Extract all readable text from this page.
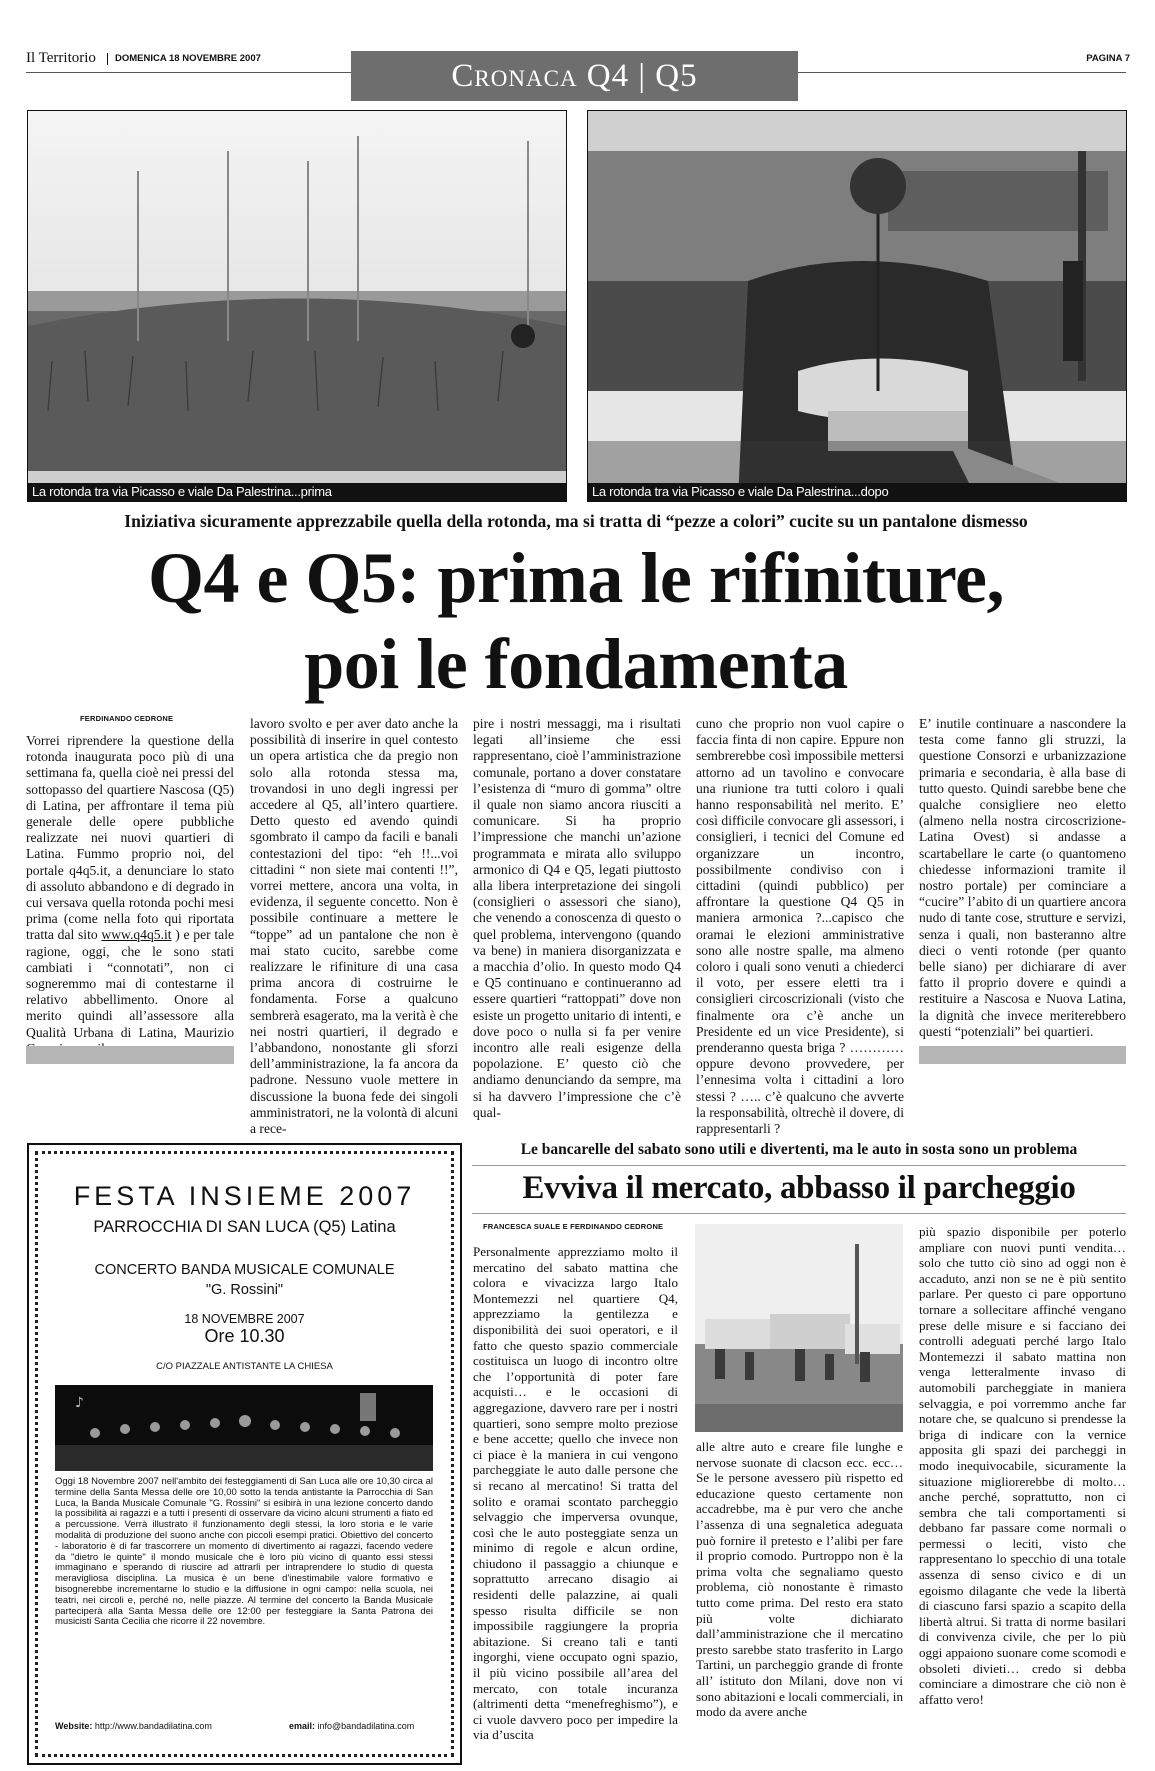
Il Territorio DOMENICA 18 NOVEMBRE 2007	PAGINA 7
Cronaca Q4 | Q5
La rotonda tra via Picasso e viale Da Palestrina...prima	La rotonda tra via Picasso e viale Da Palestrina...dopo
Iniziativa sicuramente apprezzabile quella della rotonda, ma si tratta di “pezze a colori” cucite su un pantalone dismesso
Q4 e Q5: prima le rifiniture,
poi le fondamenta
FERDINANDO CEDRONE
Vorrei riprendere la questione della rotonda inaugurata poco più di una settimana fa, quella cioè nei pressi del sottopasso del quartiere Nascosa (Q5) di Latina, per affrontare il tema più generale delle opere pubbliche realizzate nei nuovi quartieri di Latina. Fummo proprio noi, del portale q4q5.it, a denunciare lo stato di assoluto abbandono e di degrado in cui versava quella rotonda pochi mesi prima (come nella foto qui riportata tratta dal sito www.q4q5.it ) e per tale ragione, oggi, che le sono stati cambiati i “connotati”, non ci sogneremmo mai di contestarne il relativo abbellimento. Onore al merito quindi all’assessore alla Qualità Urbana di Latina, Maurizio
lavoro svolto e per aver dato anche la possibilità di inserire in quel contesto un opera artistica che da pregio non solo alla rotonda stessa ma, trovandosi in uno degli ingressi per accedere al Q5, all’intero quartiere. Detto questo ed avendo quindi sgombrato il campo da facili e banali contestazioni del tipo: “eh !!...voi cittadini “ non siete mai contenti !!”, vorrei mettere, ancora una volta, in evidenza, il seguente concetto. Non è possibile continuare a mettere le “toppe” ad un pantalone che non è mai stato cucito, sarebbe come realizzare le rifiniture di una casa prima ancora di costruirne le fondamenta. Forse a qualcuno sembrerà esagerato, ma la verità è che nei nostri quartieri, il degrado e l’abbandono, nonostante gli sforzi dell’amministrazione, la fa ancora da padrone. Nessuno vuole mettere in discussione la buona fede dei singoli amministratori, ne la volontà di alcuni a rece-
pire i nostri messaggi, ma i risultati legati all’insieme che essi rappresentano, cioè l’amministrazione comunale, portano a dover constatare l’esistenza di “muro di gomma” oltre il quale non siamo ancora riusciti a comunicare. Si ha proprio l’impressione che manchi un’azione programmata e mirata allo sviluppo armonico di Q4 e Q5, legati piuttosto alla libera interpretazione dei singoli (consiglieri o assessori che siano), che venendo a conoscenza di questo o quel problema, intervengono (quando va bene) in maniera disorganizzata e a macchia d’olio. In questo modo Q4 e Q5 continuano e continueranno ad essere quartieri “rattoppati” dove non esiste un progetto unitario di intenti, e dove poco o nulla si fa per venire incontro alle reali esigenze della popolazione. E’ questo ciò che andiamo denunciando da sempre, ma si ha davvero l’impressione che c’è qual-
cuno che proprio non vuol capire o faccia finta di non capire. Eppure non sembrerebbe così impossibile mettersi attorno ad un tavolino e convocare una riunione tra tutti coloro i quali hanno responsabilità nel merito. E’ così difficile convocare gli assessori, i consiglieri, i tecnici del Comune ed organizzare un incontro, possibilmente condiviso con i cittadini (quindi pubblico) per affrontare la questione Q4 Q5 in maniera armonica ?...capisco che oramai le elezioni amministrative sono alle nostre spalle, ma almeno coloro i quali sono venuti a chiederci il voto, per essere eletti tra i consiglieri circoscrizionali (visto che finalmente ora c’è anche un Presidente ed un vice Presidente), si prenderanno questa briga ? …………oppure devono provvedere, per l’ennesima volta i cittadini a loro stessi ? ….. c’è qualcuno che avverte la responsabilità, oltrechè il dovere, di rappresentarli ?
E’ inutile continuare a nascondere la testa come fanno gli struzzi, la questione Consorzi e urbanizzazione primaria e secondaria, è alla base di tutto questo. Quindi sarebbe bene che qualche consigliere neo eletto (almeno nella nostra circoscrizione- Latina Ovest) si andasse a scartabellare le carte (o quantomeno chiedesse informazioni tramite il nostro portale) per cominciare a “cucire” l’abito di un quartiere ancora nudo di tante cose, strutture e servizi, senza i quali, non basteranno altre dieci o venti rotonde (per quanto belle siano) per dichiarare di aver fatto il proprio dovere e quindi a restituire a Nascosa e Nuova Latina, la dignità che invece meriterebbero questi “potenziali” bei quartieri.
FESTA INSIEME 2007
PARROCCHIA DI SAN LUCA (Q5) Latina
CONCERTO BANDA MUSICALE COMUNALE
"G. Rossini"
18 NOVEMBRE 2007
Ore 10.30
C/O PIAZZALE ANTISTANTE LA CHIESA
♪
Oggi 18 Novembre 2007 nell'ambito dei festeggiamenti di San Luca alle ore 10,30 circa al termine della Santa Messa delle ore 10,00 sotto la tenda antistante la Parrocchia di San Luca, la Banda Musicale Comunale "G. Rossini" si esibirà in una lezione concerto dando la possibilità ai ragazzi e a tutti i presenti di osservare da vicino alcuni strumenti a fiato ed a percussione. Verrà illustrato il funzionamento degli stessi, la loro storia e le varie modalità di produzione del suono anche con piccoli esempi pratici. Obiettivo del concerto - laboratorio è di far trascorrere un momento di divertimento ai ragazzi, facendo vedere da "dietro le quinte" il mondo musicale che è loro più vicino di quanto essi stessi immaginano e sperando di riuscire ad attrarli per intraprendere lo studio di questa meravigliosa disciplina. La musica è un bene d'inestimabile valore formativo e bisognerebbe incrementarne lo studio e la diffusione in ogni campo: nella scuola, nei teatri, nei circoli e, perché no, nelle piazze. Al termine del concerto la Banda Musicale parteciperà alla Santa Messa delle ore 12:00 per festeggiare la Santa Patrona dei musicisti Santa Cecilia che ricorre il 22 novembre.
Website: http://www.bandadilatina.com	email: info@bandadilatina.com
Le bancarelle del sabato sono utili e divertenti, ma le auto in sosta sono un problema
Evviva il mercato, abbasso il parcheggio
FRANCESCA SUALE E FERDINANDO CEDRONE
Personalmente apprezziamo molto il mercatino del sabato mattina che colora e vivacizza largo Italo Montemezzi nel quartiere Q4, apprezziamo la gentilezza e disponibilità dei suoi operatori, e il fatto che questo spazio commerciale costituisca un luogo di incontro oltre che l’opportunità di poter fare acquisti… e le occasioni di aggregazione, davvero rare per i nostri quartieri, sono sempre molto preziose e bene accette; quello che invece non ci piace è la maniera in cui vengono parcheggiate le auto dalle persone che si recano al mercatino! Si tratta del solito e oramai scontato parcheggio selvaggio che imperversa ovunque, così che le auto posteggiate senza un minimo di regole e alcun ordine, chiudono il passaggio a chiunque e soprattutto arrecano disagio ai residenti delle palazzine, ai quali spesso risulta difficile se non impossibile raggiungere la propria abitazione. Si creano tali e tanti ingorghi, viene occupato ogni spazio, il più vicino possibile all’area del mercato, con totale incuranza (altrimenti detta “menefreghismo”), e ci vuole davvero poco per impedire la via d’uscita
alle altre auto e creare file lunghe e nervose suonate di clacson ecc. ecc… Se le persone avessero più rispetto ed educazione questo certamente non accadrebbe, ma è pur vero che anche l’assenza di una segnaletica adeguata può fornire il pretesto e l’alibi per fare il proprio comodo. Purtroppo non è la prima volta che segnaliamo questo problema, ciò nonostante è rimasto tutto come prima. Del resto era stato più volte dichiarato dall’amministrazione che il mercatino presto sarebbe stato trasferito in Largo Tartini, un parcheggio grande di fronte all’ istituto don Milani, dove non vi sono abitazioni e locali commerciali, in modo da avere anche
più spazio disponibile per poterlo ampliare con nuovi punti vendita… solo che tutto ciò sino ad oggi non è accaduto, anzi non se ne è più sentito parlare. Per questo ci pare opportuno tornare a sollecitare affinché vengano prese delle misure e si facciano dei controlli adeguati perché largo Italo Montemezzi il sabato mattina non venga letteralmente invaso di automobili parcheggiate in maniera selvaggia, e poi vorremmo anche far notare che, se qualcuno si prendesse la briga di indicare con la vernice apposita gli spazi dei parcheggi in modo inequivocabile, sicuramente la situazione migliorerebbe di molto… anche perché, soprattutto, non ci sembra che tali comportamenti si debbano far passare come normali o permessi o leciti, visto che rappresentano lo specchio di una totale assenza di senso civico e di un egoismo dilagante che vede la libertà di ciascuno farsi spazio a scapito della libertà altrui. Si tratta di norme basilari di convivenza civile, che per lo più oggi appaiono suonare come scomodi e obsoleti divieti… credo si debba cominciare a dimostrare che ciò non è affatto vero!
